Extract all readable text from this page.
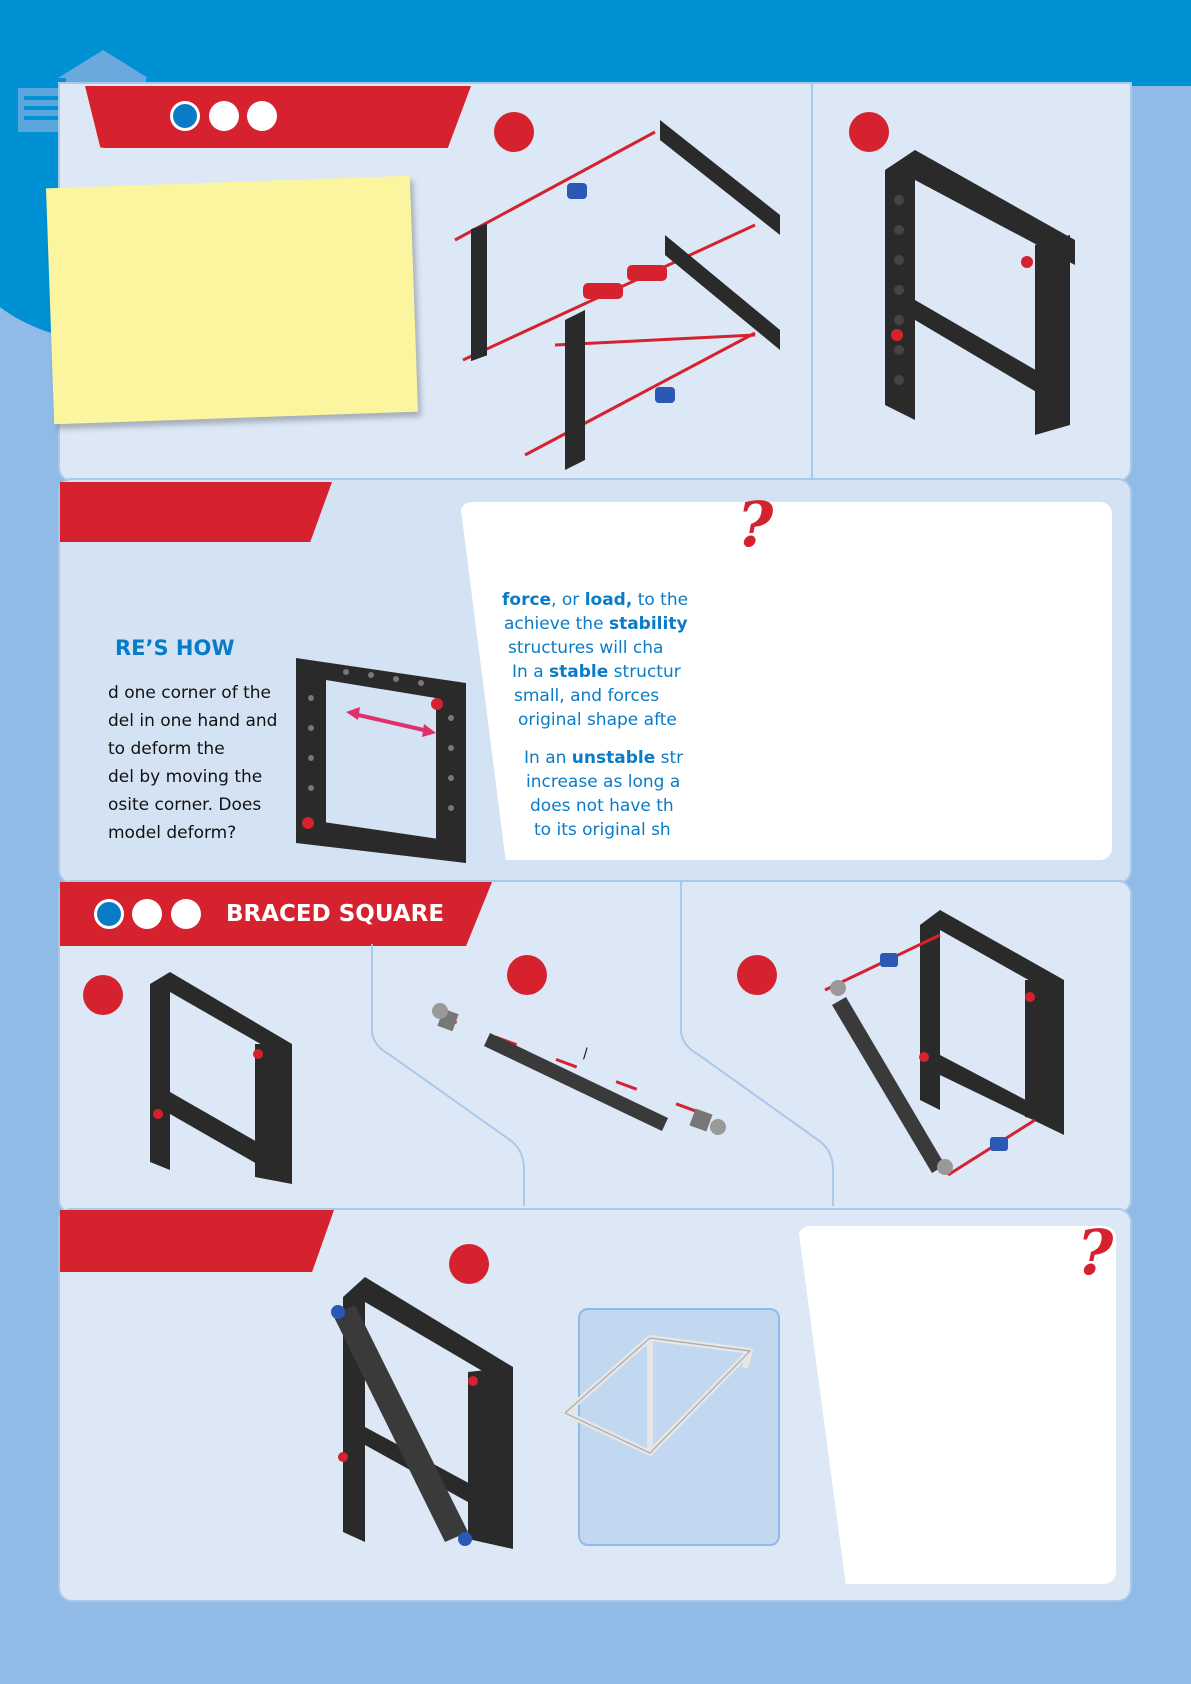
RE’S HOW
d one corner of the
del in one hand and
to deform the
del by moving the
osite corner. Does
model deform?
?
force, or load, to the
achieve the stability
structures will cha
In a stable structur
small, and forces
original shape afte
In an unstable str
increase as long a
does not have th
to its original sh
BRACED SQUARE
/
?
